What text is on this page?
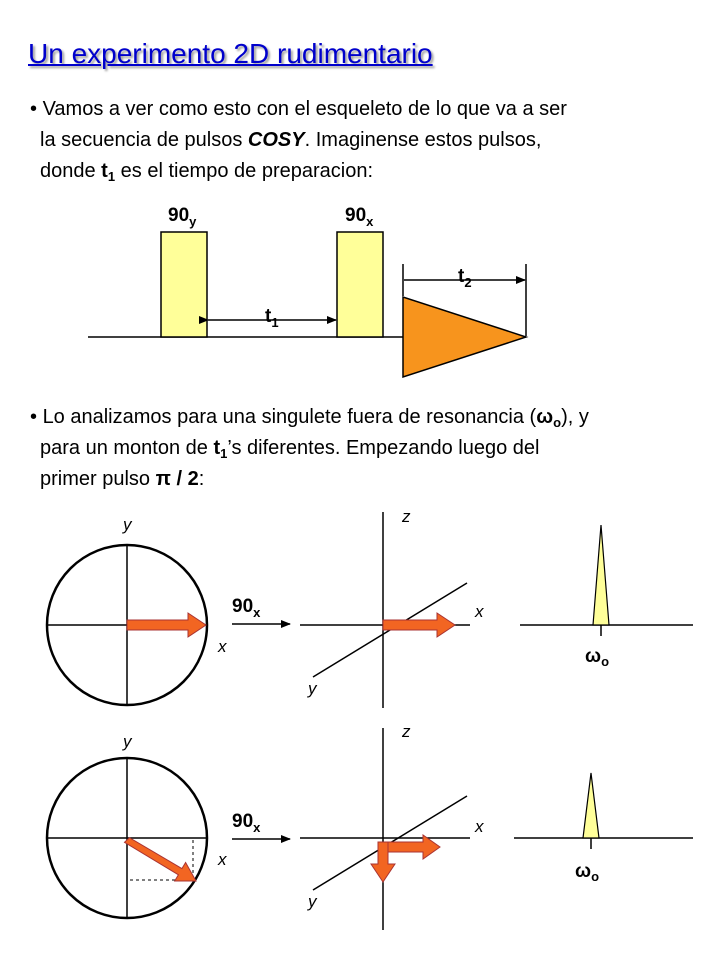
Un experimento 2D rudimentario
• Vamos a ver como esto con el esqueleto de lo que va a ser
la secuencia de pulsos COSY. Imaginense estos pulsos,
donde $t_1$ es el tiempo de preparacion:
• Lo analizamos para una singulete fuera de resonancia $(\omega_o)$, y
para un monton de $t_1’s$ diferentes. Empezando luego del
primer pulso π / 2:
$90_y$	$90_x$
$t_1$
$t_2$
y
x
$90_x$
z
x
y
$\omega_o$
y
x
$90_x$
z
x
y
$\omega_o$
